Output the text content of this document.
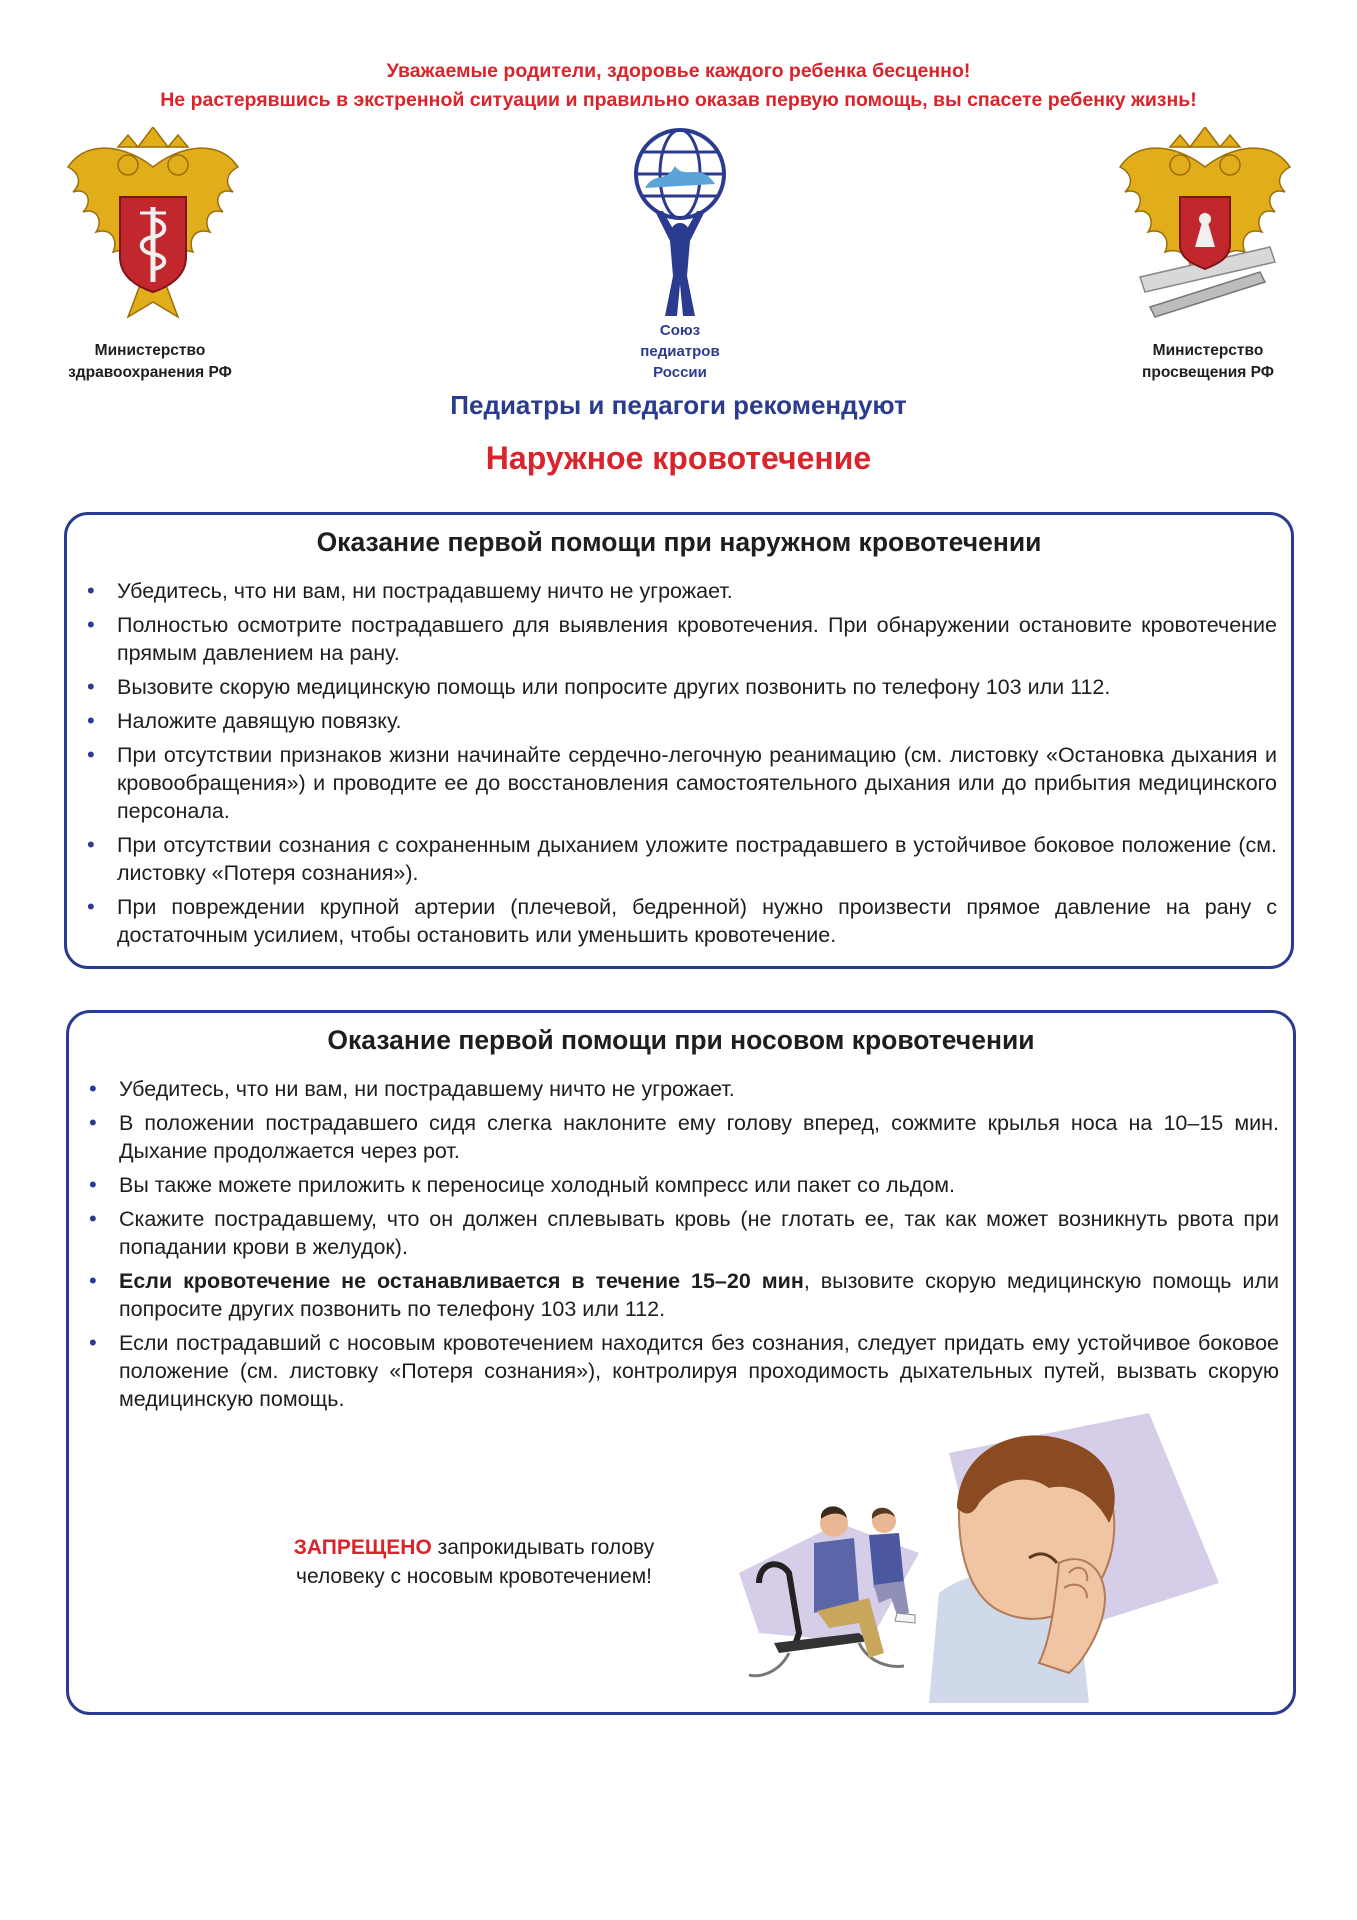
Уважаемые родители, здоровье каждого ребенка бесценно!
Не растерявшись в экстренной ситуации и правильно оказав первую помощь, вы спасете ребенку жизнь!
Министерство
здравоохранения РФ
Союз
педиатров
России
Министерство
просвещения РФ
Педиатры и педагоги рекомендуют
Наружное кровотечение
Оказание первой помощи при наружном кровотечении
• Убедитесь, что ни вам, ни пострадавшему ничто не угрожает.
• Полностью осмотрите пострадавшего для выявления кровотечения. При обнаружении остановите кровотечение прямым давлением на рану.
• Вызовите скорую медицинскую помощь или попросите других позвонить по телефону 103 или 112.
• Наложите давящую повязку.
• При отсутствии признаков жизни начинайте сердечно-легочную реанимацию (см. листовку «Остановка дыхания и кровообращения») и проводите ее до восстановления самостоятельного дыхания или до прибытия медицинского персонала.
• При отсутствии сознания с сохраненным дыханием уложите пострадавшего в устойчивое боковое положение (см. листовку «Потеря сознания»).
• При повреждении крупной артерии (плечевой, бедренной) нужно произвести прямое давление на рану с достаточным усилием, чтобы остановить или уменьшить кровотечение.
Оказание первой помощи при носовом кровотечении
• Убедитесь, что ни вам, ни пострадавшему ничто не угрожает.
• В положении пострадавшего сидя слегка наклоните ему голову вперед, сожмите крылья носа на 10–15 мин. Дыхание продолжается через рот.
• Вы также можете приложить к переносице холодный компресс или пакет со льдом.
• Скажите пострадавшему, что он должен сплевывать кровь (не глотать ее, так как может возникнуть рвота при попадании крови в желудок).
• Если кровотечение не останавливается в течение 15–20 мин, вызовите скорую медицинскую помощь или попросите других позвонить по телефону 103 или 112.
• Если пострадавший с носовым кровотечением находится без сознания, следует придать ему устойчивое боковое положение (см. листовку «Потеря сознания»), контролируя проходимость дыхательных путей, вызвать скорую медицинскую помощь.
ЗАПРЕЩЕНО запрокидывать голову человеку с носовым кровотечением!
